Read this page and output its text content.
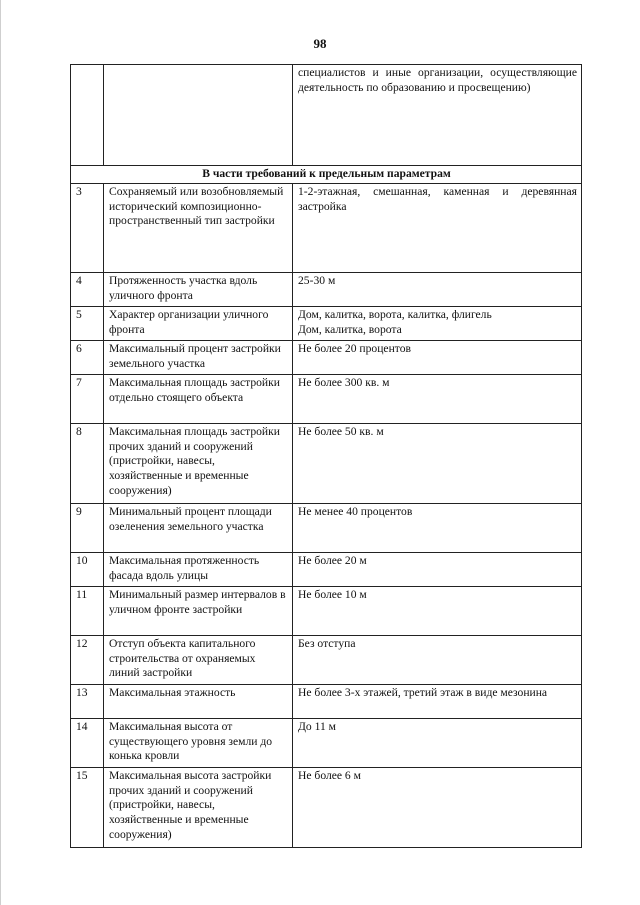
98
		специалистов и иные организации, осуществляющие деятельность по образованию и просвещению)
В части требований к предельным параметрам		
3	Сохраняемый или возобновляемый исторический композиционно-пространственный тип застройки	1-2-этажная, смешанная, каменная и деревянная застройка
4	Протяженность участка вдоль уличного фронта	25-30 м
5	Характер организации уличного фронта	Дом, калитка, ворота, калитка, флигель
Дом, калитка, ворота
6	Максимальный процент застройки земельного участка	Не более 20 процентов
7	Максимальная площадь застройки отдельно стоящего объекта	Не более 300 кв. м
8	Максимальная площадь застройки прочих зданий и сооружений (пристройки, навесы, хозяйственные и временные сооружения)	Не более 50 кв. м
9	Минимальный процент площади озеленения земельного участка	Не менее 40 процентов
10	Максимальная протяженность фасада вдоль улицы	Не более 20 м
11	Минимальный размер интервалов в уличном фронте застройки	Не более 10 м
12	Отступ объекта капитального строительства от охраняемых линий застройки	Без отступа
13	Максимальная этажность	Не более 3-х этажей, третий этаж в виде мезонина
14	Максимальная высота от существующего уровня земли до конька кровли	До 11 м
15	Максимальная высота застройки прочих зданий и сооружений (пристройки, навесы, хозяйственные и временные сооружения)	Не более 6 м
